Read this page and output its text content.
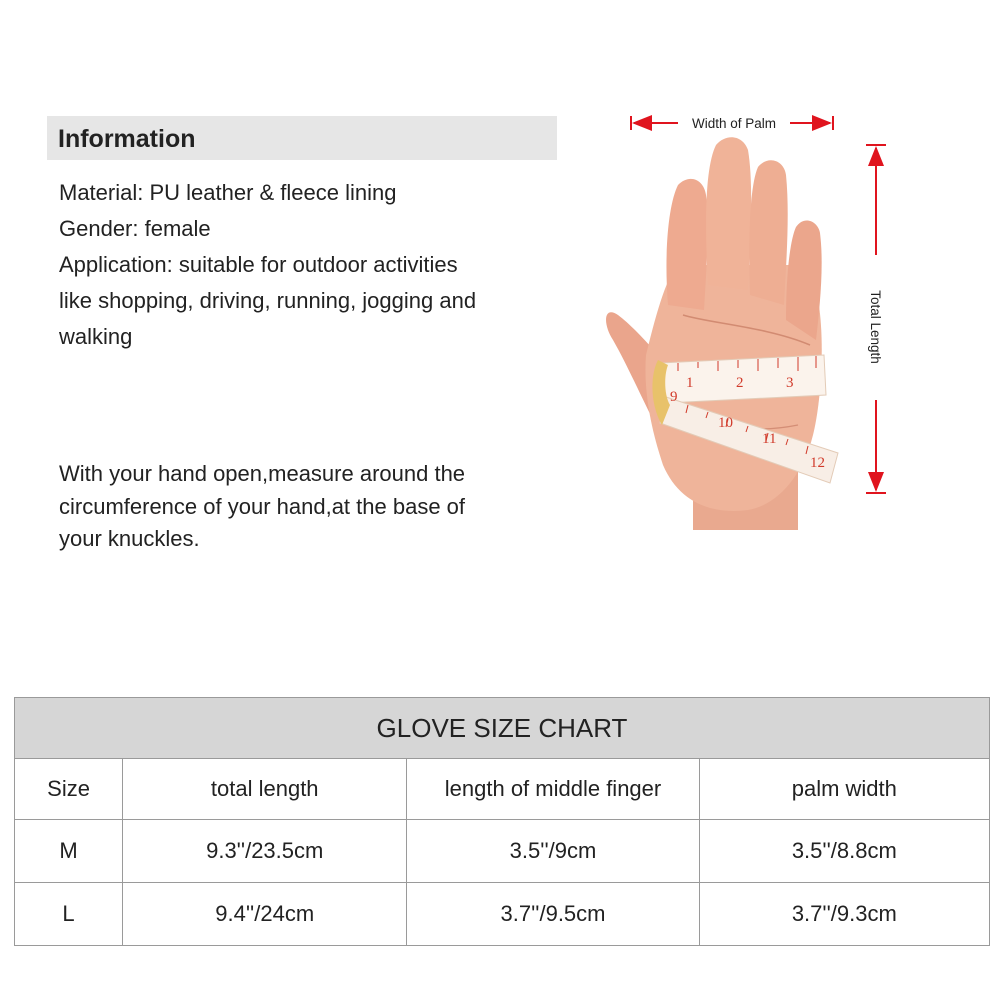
Information
Material: PU leather & fleece lining
Gender: female
Application: suitable for outdoor activities
like shopping, driving, running, jogging and
walking
With your hand open,measure around the
circumference of your hand,at the base of
your knuckles.
Width of Palm
Total Length
1	2	3
9
10
11
12
GLOVE SIZE CHART			
Size	total length	length of middle finger	palm width
M	9.3''/23.5cm	3.5''/9cm	3.5''/8.8cm
L	9.4''/24cm	3.7''/9.5cm	3.7''/9.3cm
